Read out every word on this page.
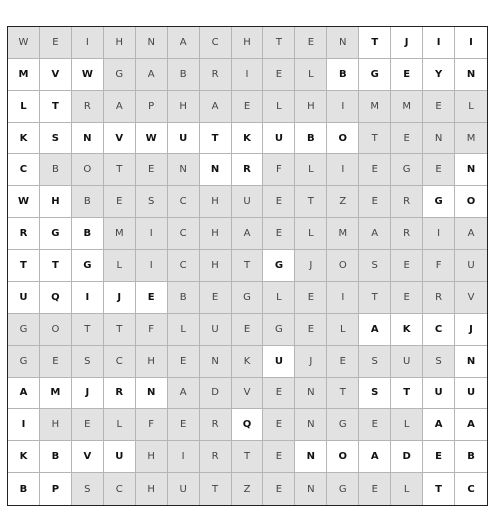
W	E	I	H	N	A	C	H	T	E	N	T	J	I	I
M	V	W	G	A	B	R	I	E	L	B	G	E	Y	N
L	T	R	A	P	H	A	E	L	H	I	M	M	E	L
K	S	N	V	W	U	T	K	U	B	O	T	E	N	M
C	B	O	T	E	N	N	R	F	L	I	E	G	E	N
W	H	B	E	S	C	H	U	E	T	Z	E	R	G	O
R	G	B	M	I	C	H	A	E	L	M	A	R	I	A
T	T	G	L	I	C	H	T	G	J	O	S	E	F	U
U	Q	I	J	E	B	E	G	L	E	I	T	E	R	V
G	O	T	T	F	L	U	E	G	E	L	A	K	C	J
G	E	S	C	H	E	N	K	U	J	E	S	U	S	N
A	M	J	R	N	A	D	V	E	N	T	S	T	U	U
I	H	E	L	F	E	R	Q	E	N	G	E	L	A	A
K	B	V	U	H	I	R	T	E	N	O	A	D	E	B
B	P	S	C	H	U	T	Z	E	N	G	E	L	T	C
